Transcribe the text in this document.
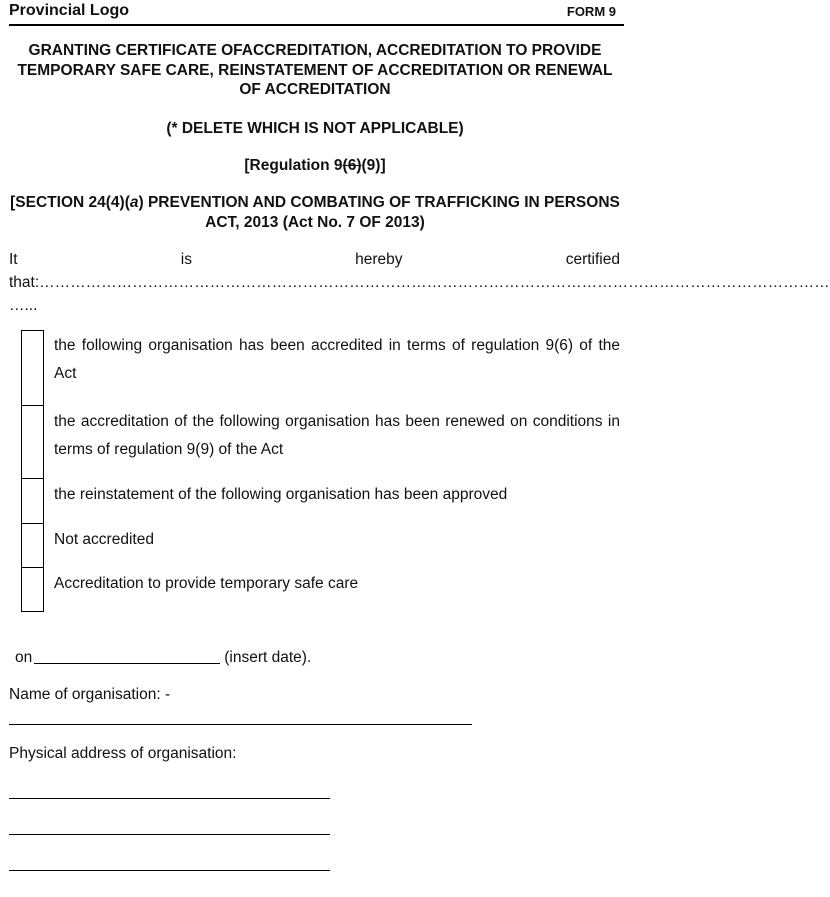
Provincial Logo	FORM 9

GRANTING CERTIFICATE OFACCREDITATION, ACCREDITATION TO PROVIDE TEMPORARY SAFE CARE, REINSTATEMENT OF ACCREDITATION OR RENEWAL OF ACCREDITATION

(* DELETE WHICH IS NOT APPLICABLE)

[Regulation 9(6)(9)]

[SECTION 24(4)(a) PREVENTION AND COMBATING OF TRAFFICKING IN PERSONS ACT, 2013 (Act No. 7 OF 2013)

It	is	hereby	certified
that:………………………………………………………………………………………………………………………………………
…...
the following organisation has been accredited in terms of regulation 9(6) of the Act
the accreditation of the following organisation has been renewed on conditions in terms of regulation 9(9) of the Act
the reinstatement of the following organisation has been approved
Not accredited
Accreditation to provide temporary safe care
on	(insert date).
Name of organisation: -
Physical address of organisation:
